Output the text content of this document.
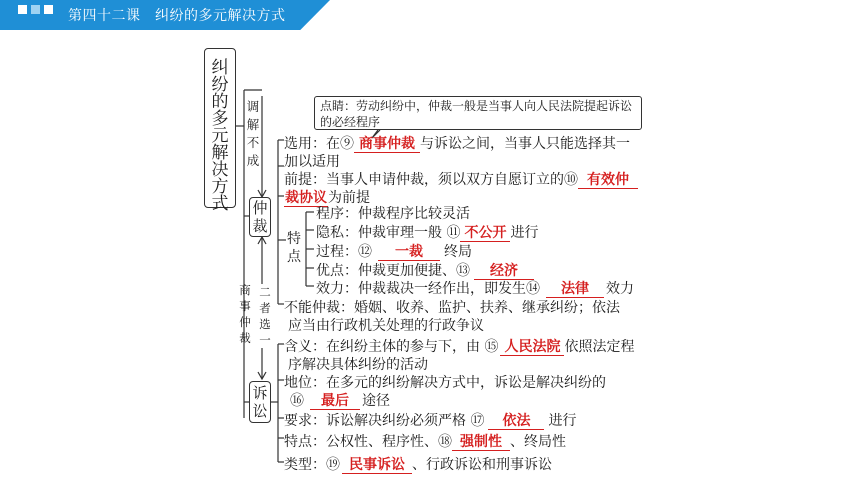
第四十二课　纠纷的多元解决方式
纠
纷
的
多
元
解
决
方
式
调
解
不
成
仲
裁
商
事
仲
裁
二
者
选
一
诉
讼
点睛：劳动纠纷中，仲裁一般是当事人向人民法院提起诉讼的必经程序
选用：在⑨ 商事仲裁 与诉讼之间，当事人只能选择其一
加以适用
前提：当事人申请仲裁，须以双方自愿订立的⑩ 有效仲
裁协议为前提
特
点
程序：仲裁程序比较灵活
隐私：仲裁审理一般 ⑪ 不公开 进行
过程：⑫ 一裁 终局
优点：仲裁更加便捷、⑬ 经济
效力：仲裁裁决一经作出，即发生⑭ 法律 效力
不能仲裁：婚姻、收养、监护、扶养、继承纠纷；依法
应当由行政机关处理的行政争议
含义：在纠纷主体的参与下，由 ⑮ 人民法院 依照法定程
序解决具体纠纷的活动
地位：在多元的纠纷解决方式中，诉讼是解决纠纷的
⑯ 最后 途径
要求：诉讼解决纠纷必须严格 ⑰ 依法 进行
特点：公权性、程序性、⑱ 强制性 、终局性
类型：⑲ 民事诉讼 、行政诉讼和刑事诉讼
